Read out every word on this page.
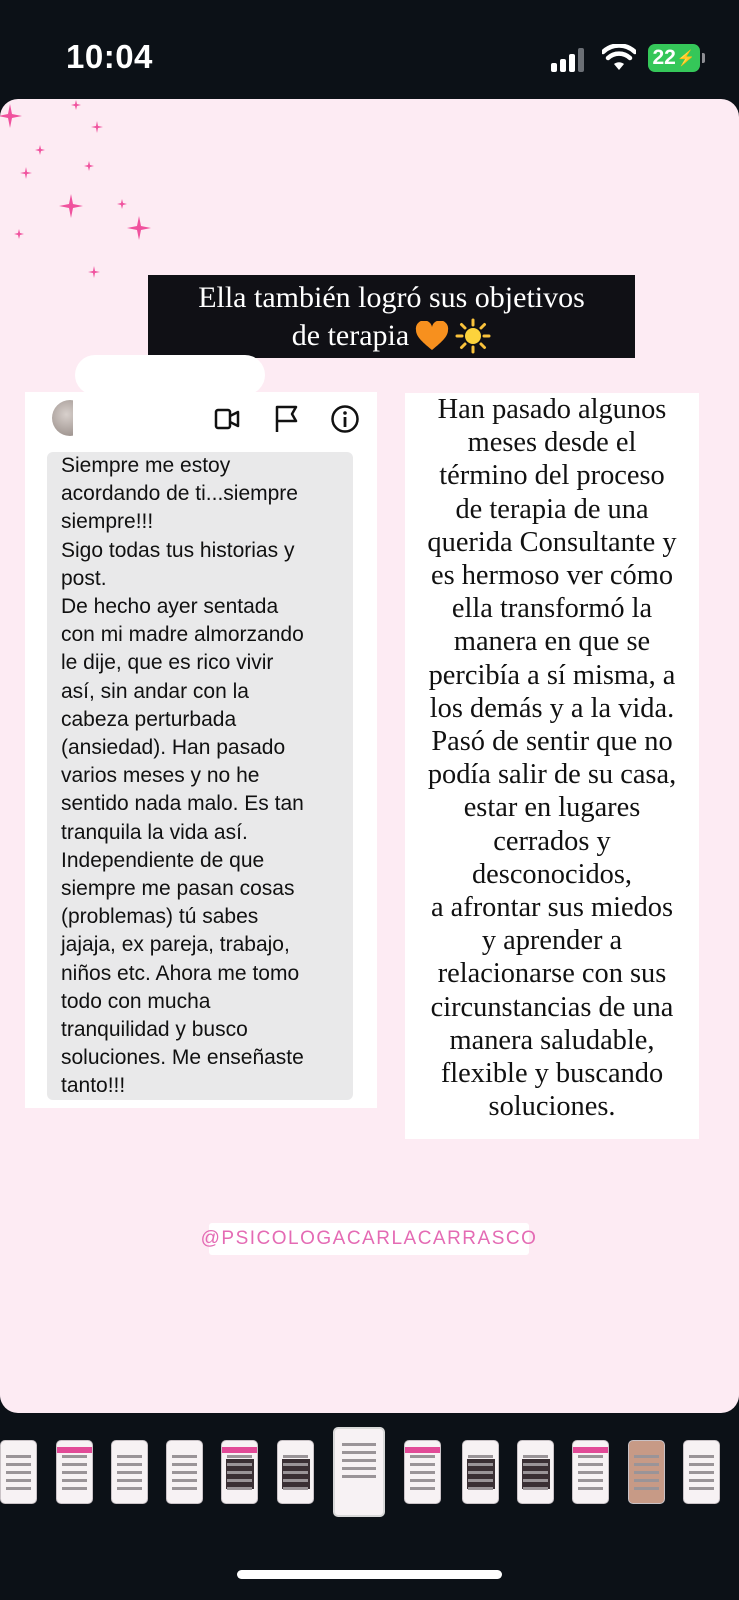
10:04	22 ⚡
Ella también logró sus objetivos
de terapia

Siempre me estoy

acordando de ti...siempre

siempre!!!

Sigo todas tus historias y

post.

De hecho ayer sentada

con mi madre almorzando

le dije, que es rico vivir

así, sin andar con la

cabeza perturbada

(ansiedad). Han pasado

varios meses y no he

sentido nada malo. Es tan

tranquila la vida así.

Independiente de que

siempre me pasan cosas

(problemas) tú sabes

jajaja, ex pareja, trabajo,

niños etc. Ahora me tomo

todo con mucha

tranquilidad y busco

soluciones. Me enseñaste

tanto!!!

Han pasado algunos

meses desde el

término del proceso

de terapia de una

querida Consultante y

es hermoso ver cómo

ella transformó la

manera en que se

percibía a sí misma, a

los demás y a la vida.

Pasó de sentir que no

podía salir de su casa,

estar en lugares

cerrados y

desconocidos,

a afrontar sus miedos

y aprender a

relacionarse con sus

circunstancias de una

manera saludable,

flexible y buscando

soluciones.

@PSICOLOGACARLACARRASCO
